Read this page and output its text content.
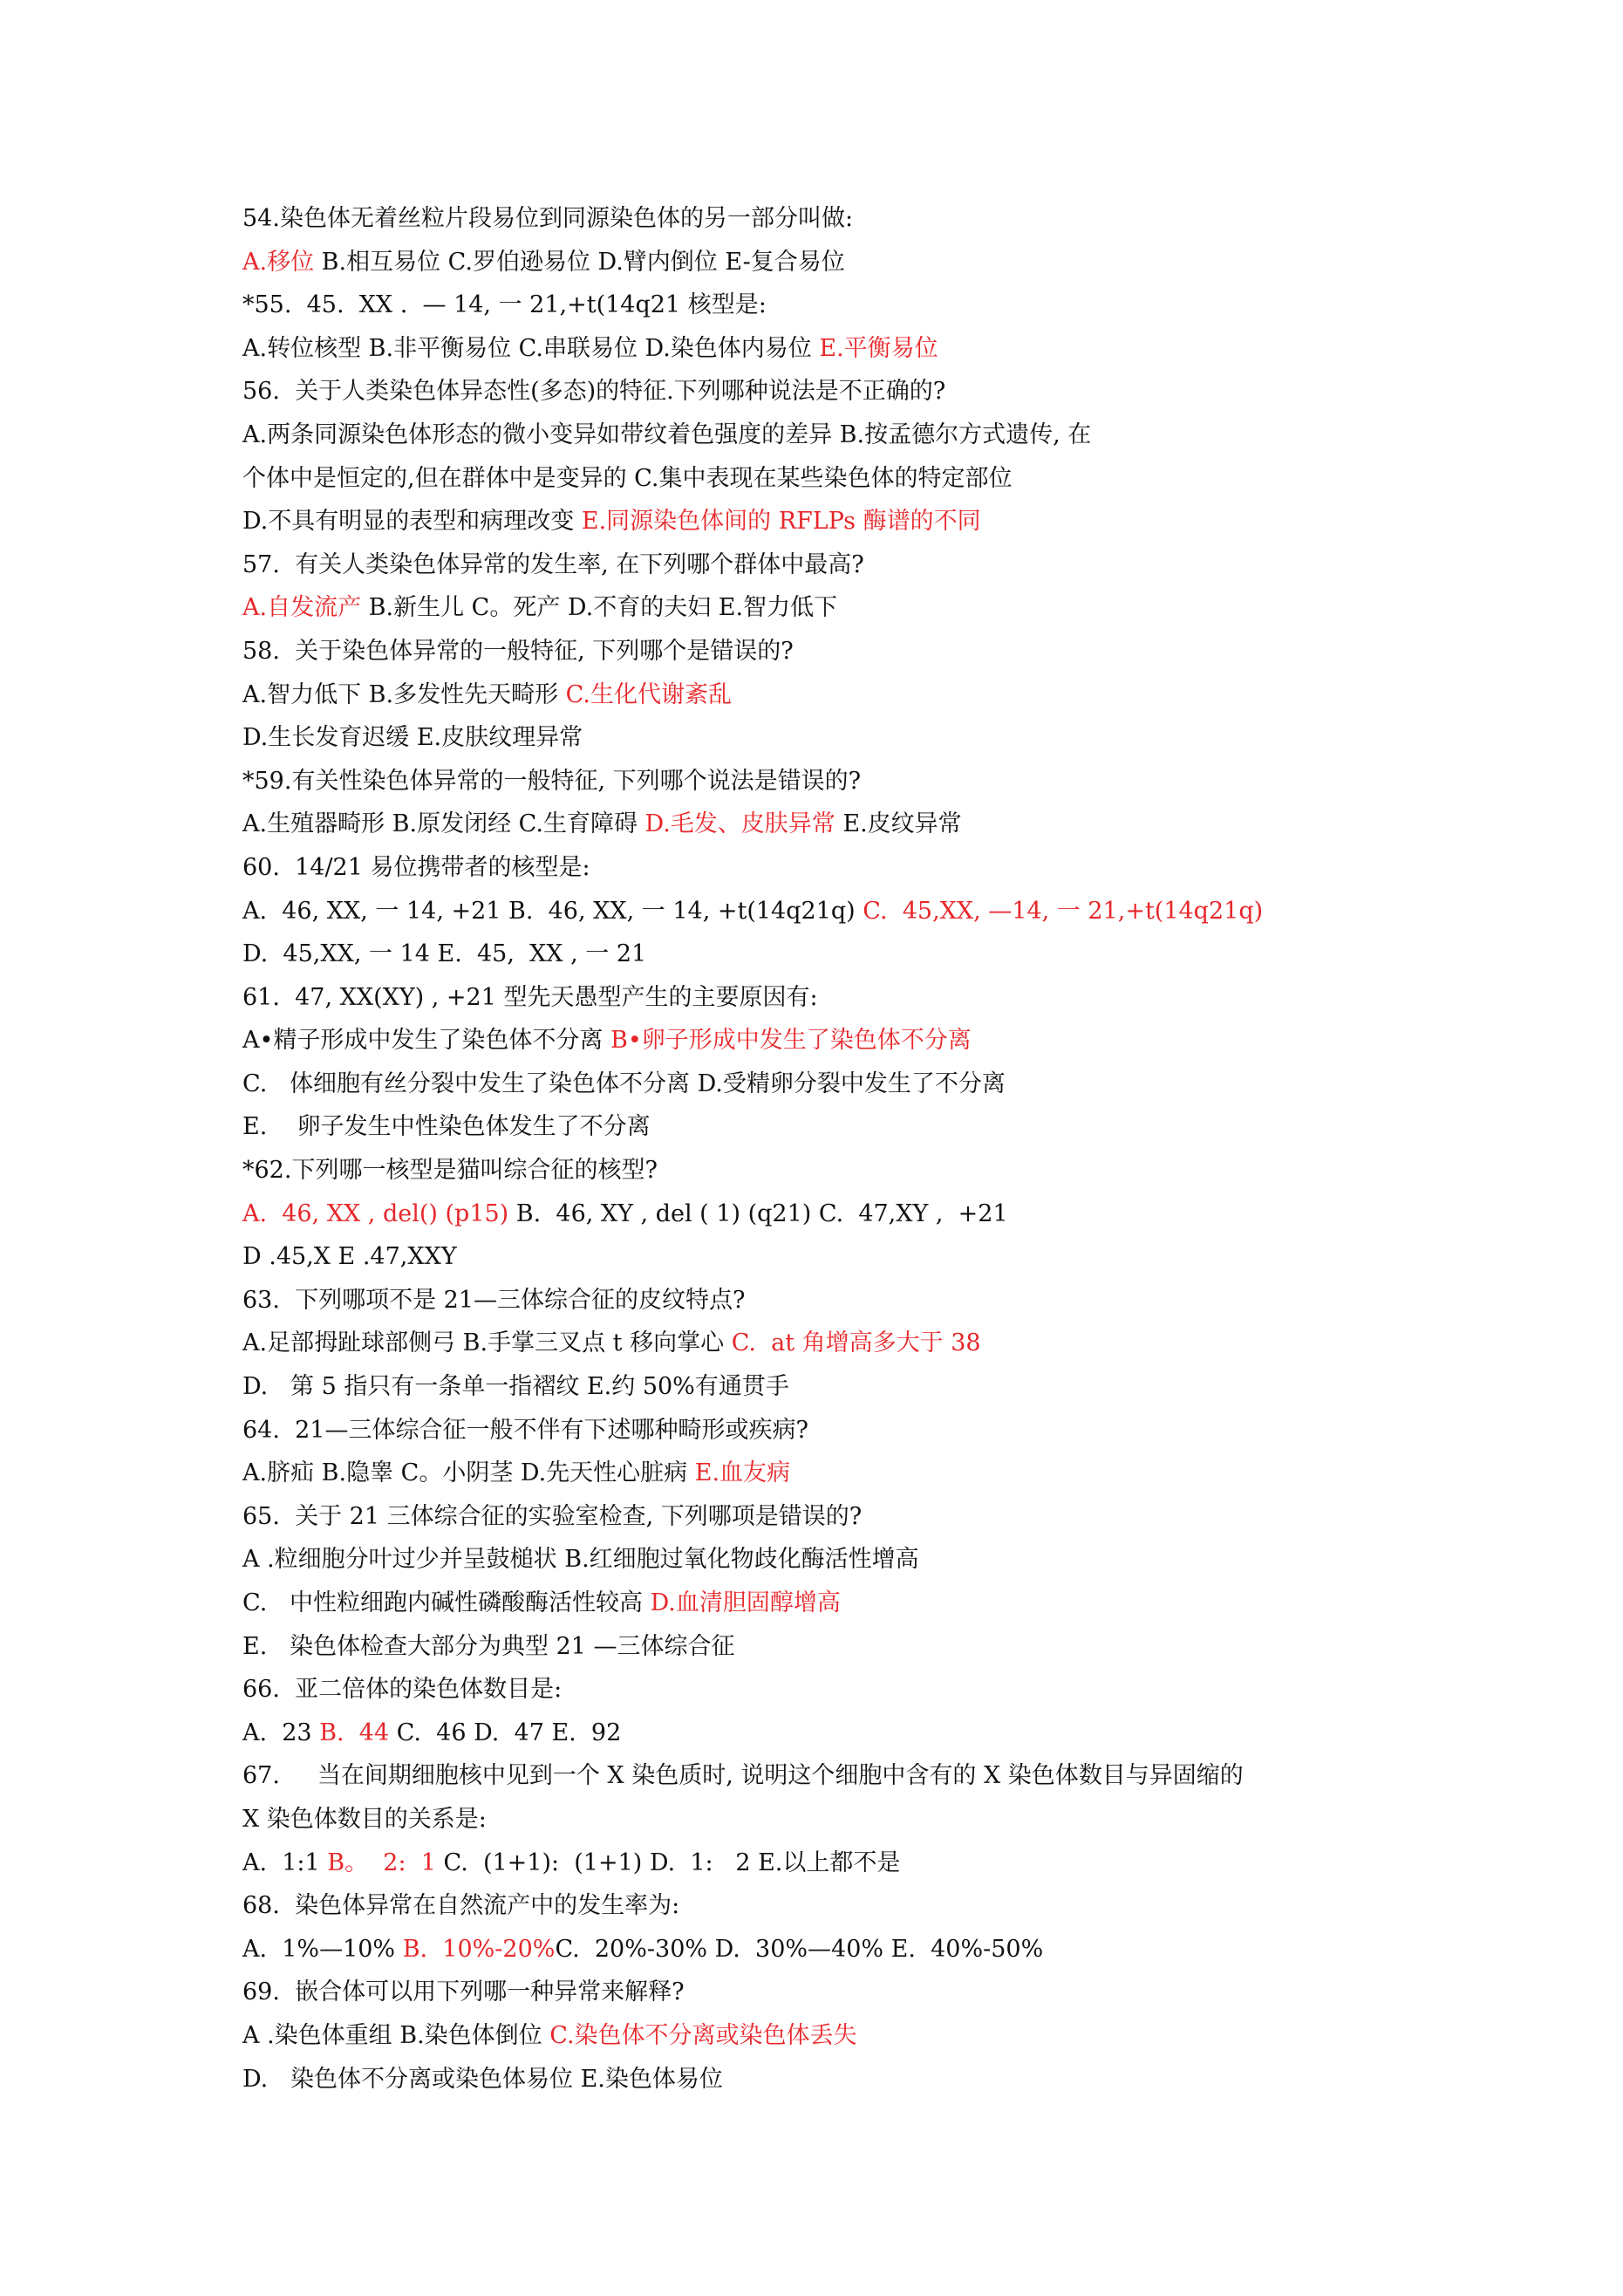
54.染色体无着丝粒片段易位到同源染色体的另一部分叫做:
A.移位 B.相互易位 C.罗伯逊易位 D.臂内倒位 E-复合易位
*55.  45.  XX .  — 14, 一 21,+t(14q21 核型是:
A.转位核型 B.非平衡易位 C.串联易位 D.染色体内易位 E.平衡易位
56.  关于人类染色体异态性(多态)的特征.下列哪种说法是不正确的?
A.两条同源染色体形态的微小变异如带纹着色强度的差异 B.按孟德尔方式遗传, 在
个体中是恒定的,但在群体中是变异的 C.集中表现在某些染色体的特定部位
D.不具有明显的表型和病理改变 E.同源染色体间的 RFLPs 酶谱的不同
57.  有关人类染色体异常的发生率, 在下列哪个群体中最高?
A.自发流产 B.新生儿 C。死产 D.不育的夫妇 E.智力低下
58.  关于染色体异常的一般特征, 下列哪个是错误的?
A.智力低下 B.多发性先天畸形 C.生化代谢紊乱
D.生长发育迟缓 E.皮肤纹理异常
*59.有关性染色体异常的一般特征, 下列哪个说法是错误的?
A.生殖器畸形 B.原发闭经 C.生育障碍 D.毛发、皮肤异常 E.皮纹异常
60.  14/21 易位携带者的核型是:
A.  46, XX, 一 14, +21 B.  46, XX, 一 14, +t(14q21q) C.  45,XX, —14, 一 21,+t(14q21q)
D.  45,XX, 一 14 E.  45,  XX , 一 21
61.  47, XX(XY) , +21 型先天愚型产生的主要原因有:
A•精子形成中发生了染色体不分离 B•卵子形成中发生了染色体不分离
C.   体细胞有丝分裂中发生了染色体不分离 D.受精卵分裂中发生了不分离
E.    卵子发生中性染色体发生了不分离
*62.下列哪一核型是猫叫综合征的核型?
A.  46, XX , del() (p15) B.  46, XY , del ( 1) (q21) C.  47,XY ,  +21
D .45,X E .47,XXY
63.  下列哪项不是 21—三体综合征的皮纹特点?
A.足部拇趾球部侧弓 B.手掌三叉点 t 移向掌心 C.  at 角增高多大于 38
D.   第 5 指只有一条单一指褶纹 E.约 50%有通贯手
64.  21—三体综合征一般不伴有下述哪种畸形或疾病?
A.脐疝 B.隐睾 C。小阴茎 D.先天性心脏病 E.血友病
65.  关于 21 三体综合征的实验室检查, 下列哪项是错误的?
A .粒细胞分叶过少并呈鼓槌状 B.红细胞过氧化物歧化酶活性增高
C.   中性粒细跑内碱性磷酸酶活性较高 D.血清胆固醇增高
E.   染色体检查大部分为典型 21 —三体综合征
66.  亚二倍体的染色体数目是:
A.  23 B.  44 C.  46 D.  47 E.  92
67.     当在间期细胞核中见到一个 X 染色质时, 说明这个细胞中含有的 X 染色体数目与异固缩的
X 染色体数目的关系是:
A.  1:1 B。  2:  1 C.  (1+1):  (1+1) D.  1:   2 E.以上都不是
68.  染色体异常在自然流产中的发生率为:
A.  1%—10% B.  10%-20%C.  20%-30% D.  30%—40% E.  40%-50%
69.  嵌合体可以用下列哪一种异常来解释?
A .染色体重组 B.染色体倒位 C.染色体不分离或染色体丢失
D.   染色体不分离或染色体易位 E.染色体易位
